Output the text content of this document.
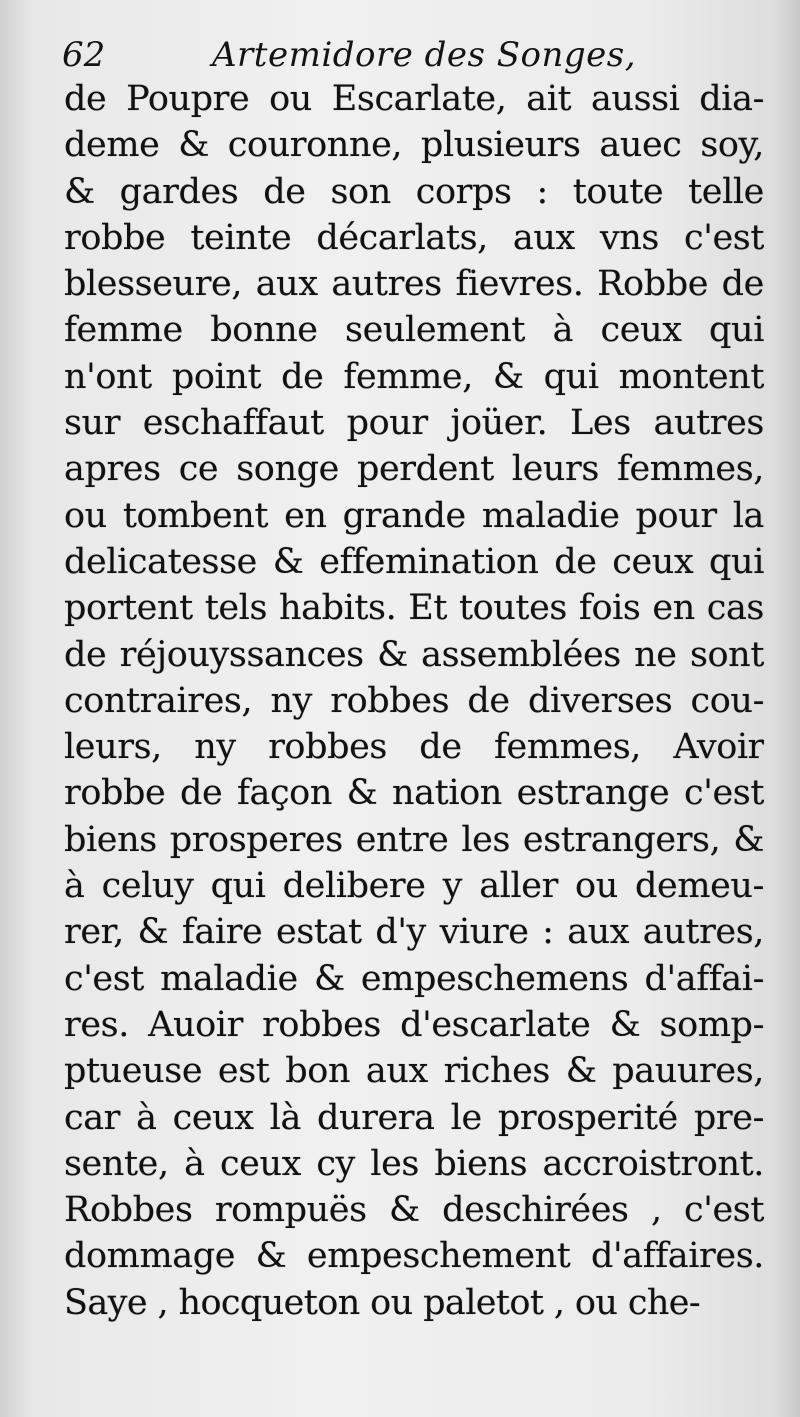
62	Artemidore des Songes,
de Poupre ou Escarlate, ait aussi dia-
deme & couronne, plusieurs auec soy,
& gardes de son corps : toute telle
robbe teinte décarlats, aux vns c'est
blesseure, aux autres fievres. Robbe de
femme bonne seulement à ceux qui
n'ont point de femme, & qui montent
sur eschaffaut pour joüer. Les autres
apres ce songe perdent leurs femmes,
ou tombent en grande maladie pour la
delicatesse & effemination de ceux qui
portent tels habits. Et toutes fois en cas
de réjouyssances & assemblées ne sont
contraires, ny robbes de diverses cou-
leurs, ny robbes de femmes, Avoir
robbe de façon & nation estrange c'est
biens prosperes entre les estrangers, &
à celuy qui delibere y aller ou demeu-
rer, & faire estat d'y viure : aux autres,
c'est maladie & empeschemens d'affai-
res. Auoir robbes d'escarlate & somp-
ptueuse est bon aux riches & pauures,
car à ceux là durera le prosperité pre-
sente, à ceux cy les biens accroistront.
Robbes rompuës & deschirées , c'est
dommage & empeschement d'affaires.
Saye , hocqueton ou paletot , ou che-
